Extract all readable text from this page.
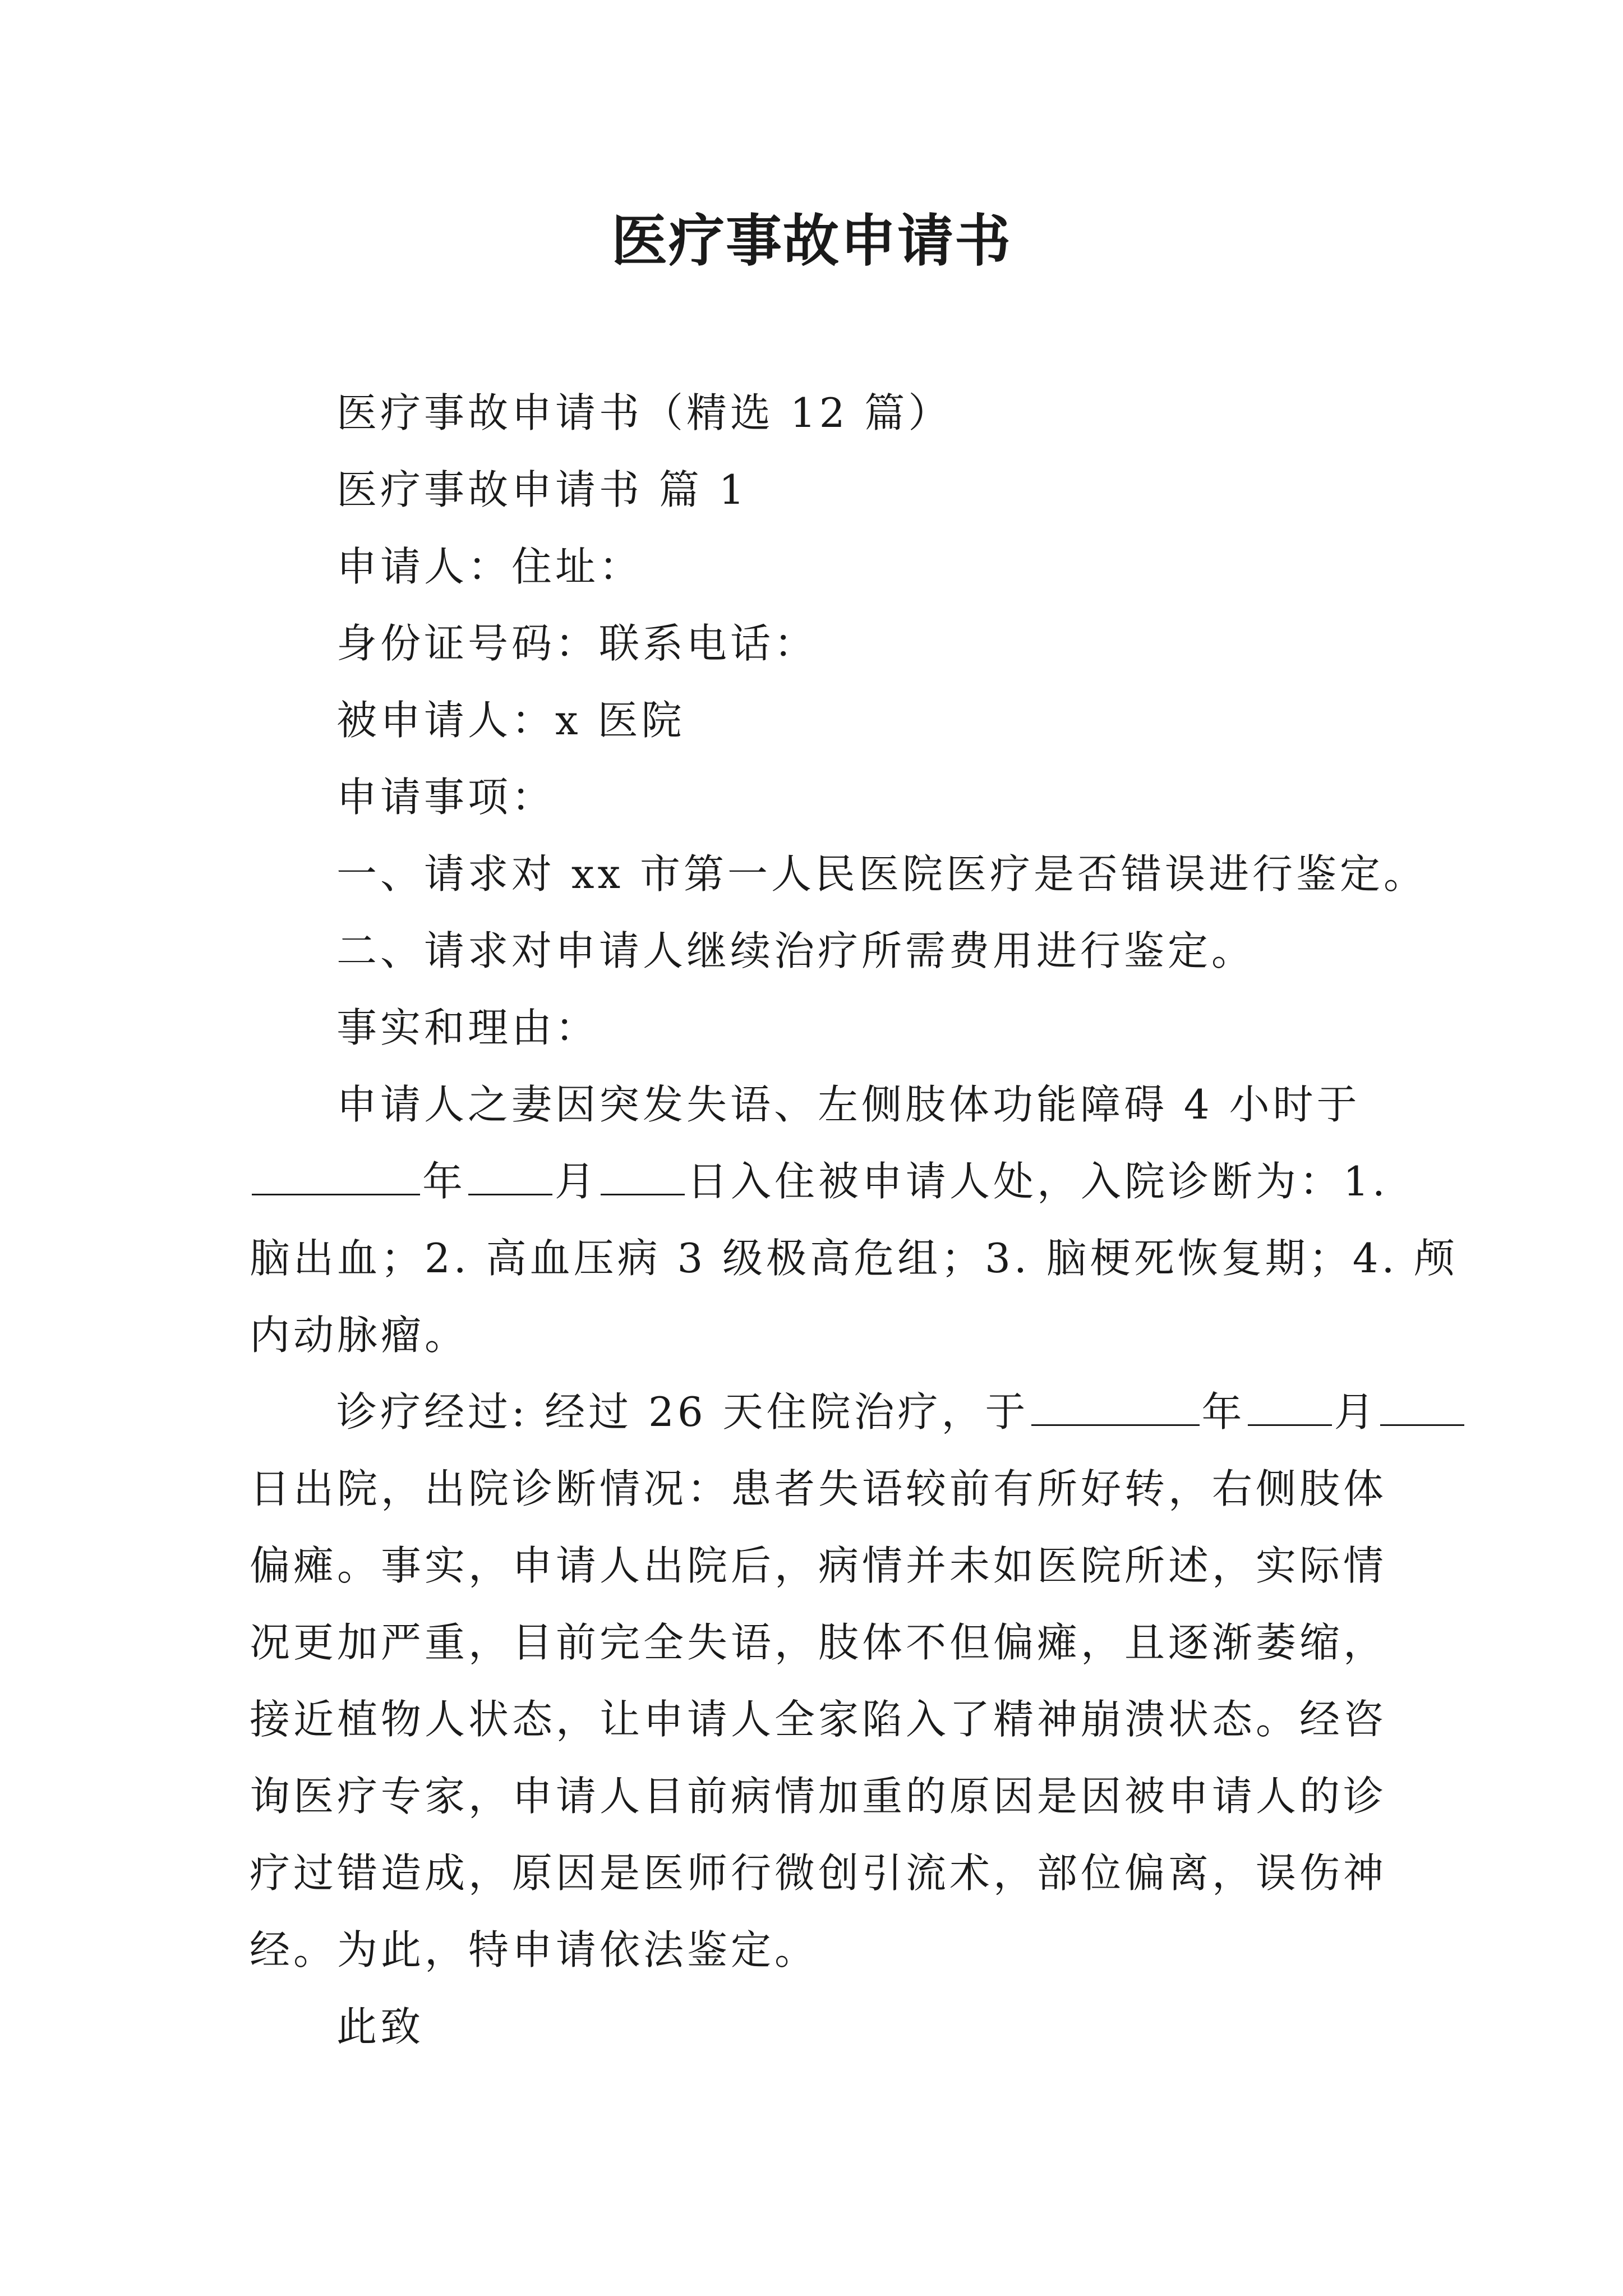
医疗事故申请书

医疗事故申请书（精选 12 篇）

医疗事故申请书 篇 1

申请人：住址：

身份证号码：联系电话：

被申请人：x 医院

申请事项：

一、请求对 xx 市第一人民医院医疗是否错误进行鉴定。

二、请求对申请人继续治疗所需费用进行鉴定。

事实和理由：

申请人之妻因突发失语、左侧肢体功能障碍 4 小时于

年 月 日入住被申请人处，入院诊断为：1.

脑出血；2. 高血压病 3 级极高危组；3. 脑梗死恢复期；4. 颅

内动脉瘤。

诊疗经过: 经过 26 天住院治疗，于	年 月

日出院，出院诊断情况：患者失语较前有所好转，右侧肢体

偏瘫。事实，申请人出院后，病情并未如医院所述，实际情

况更加严重，目前完全失语，肢体不但偏瘫，且逐渐萎缩，

接近植物人状态，让申请人全家陷入了精神崩溃状态。经咨

询医疗专家，申请人目前病情加重的原因是因被申请人的诊

疗过错造成，原因是医师行微创引流术，部位偏离，误伤神

经。为此，特申请依法鉴定。

此致
